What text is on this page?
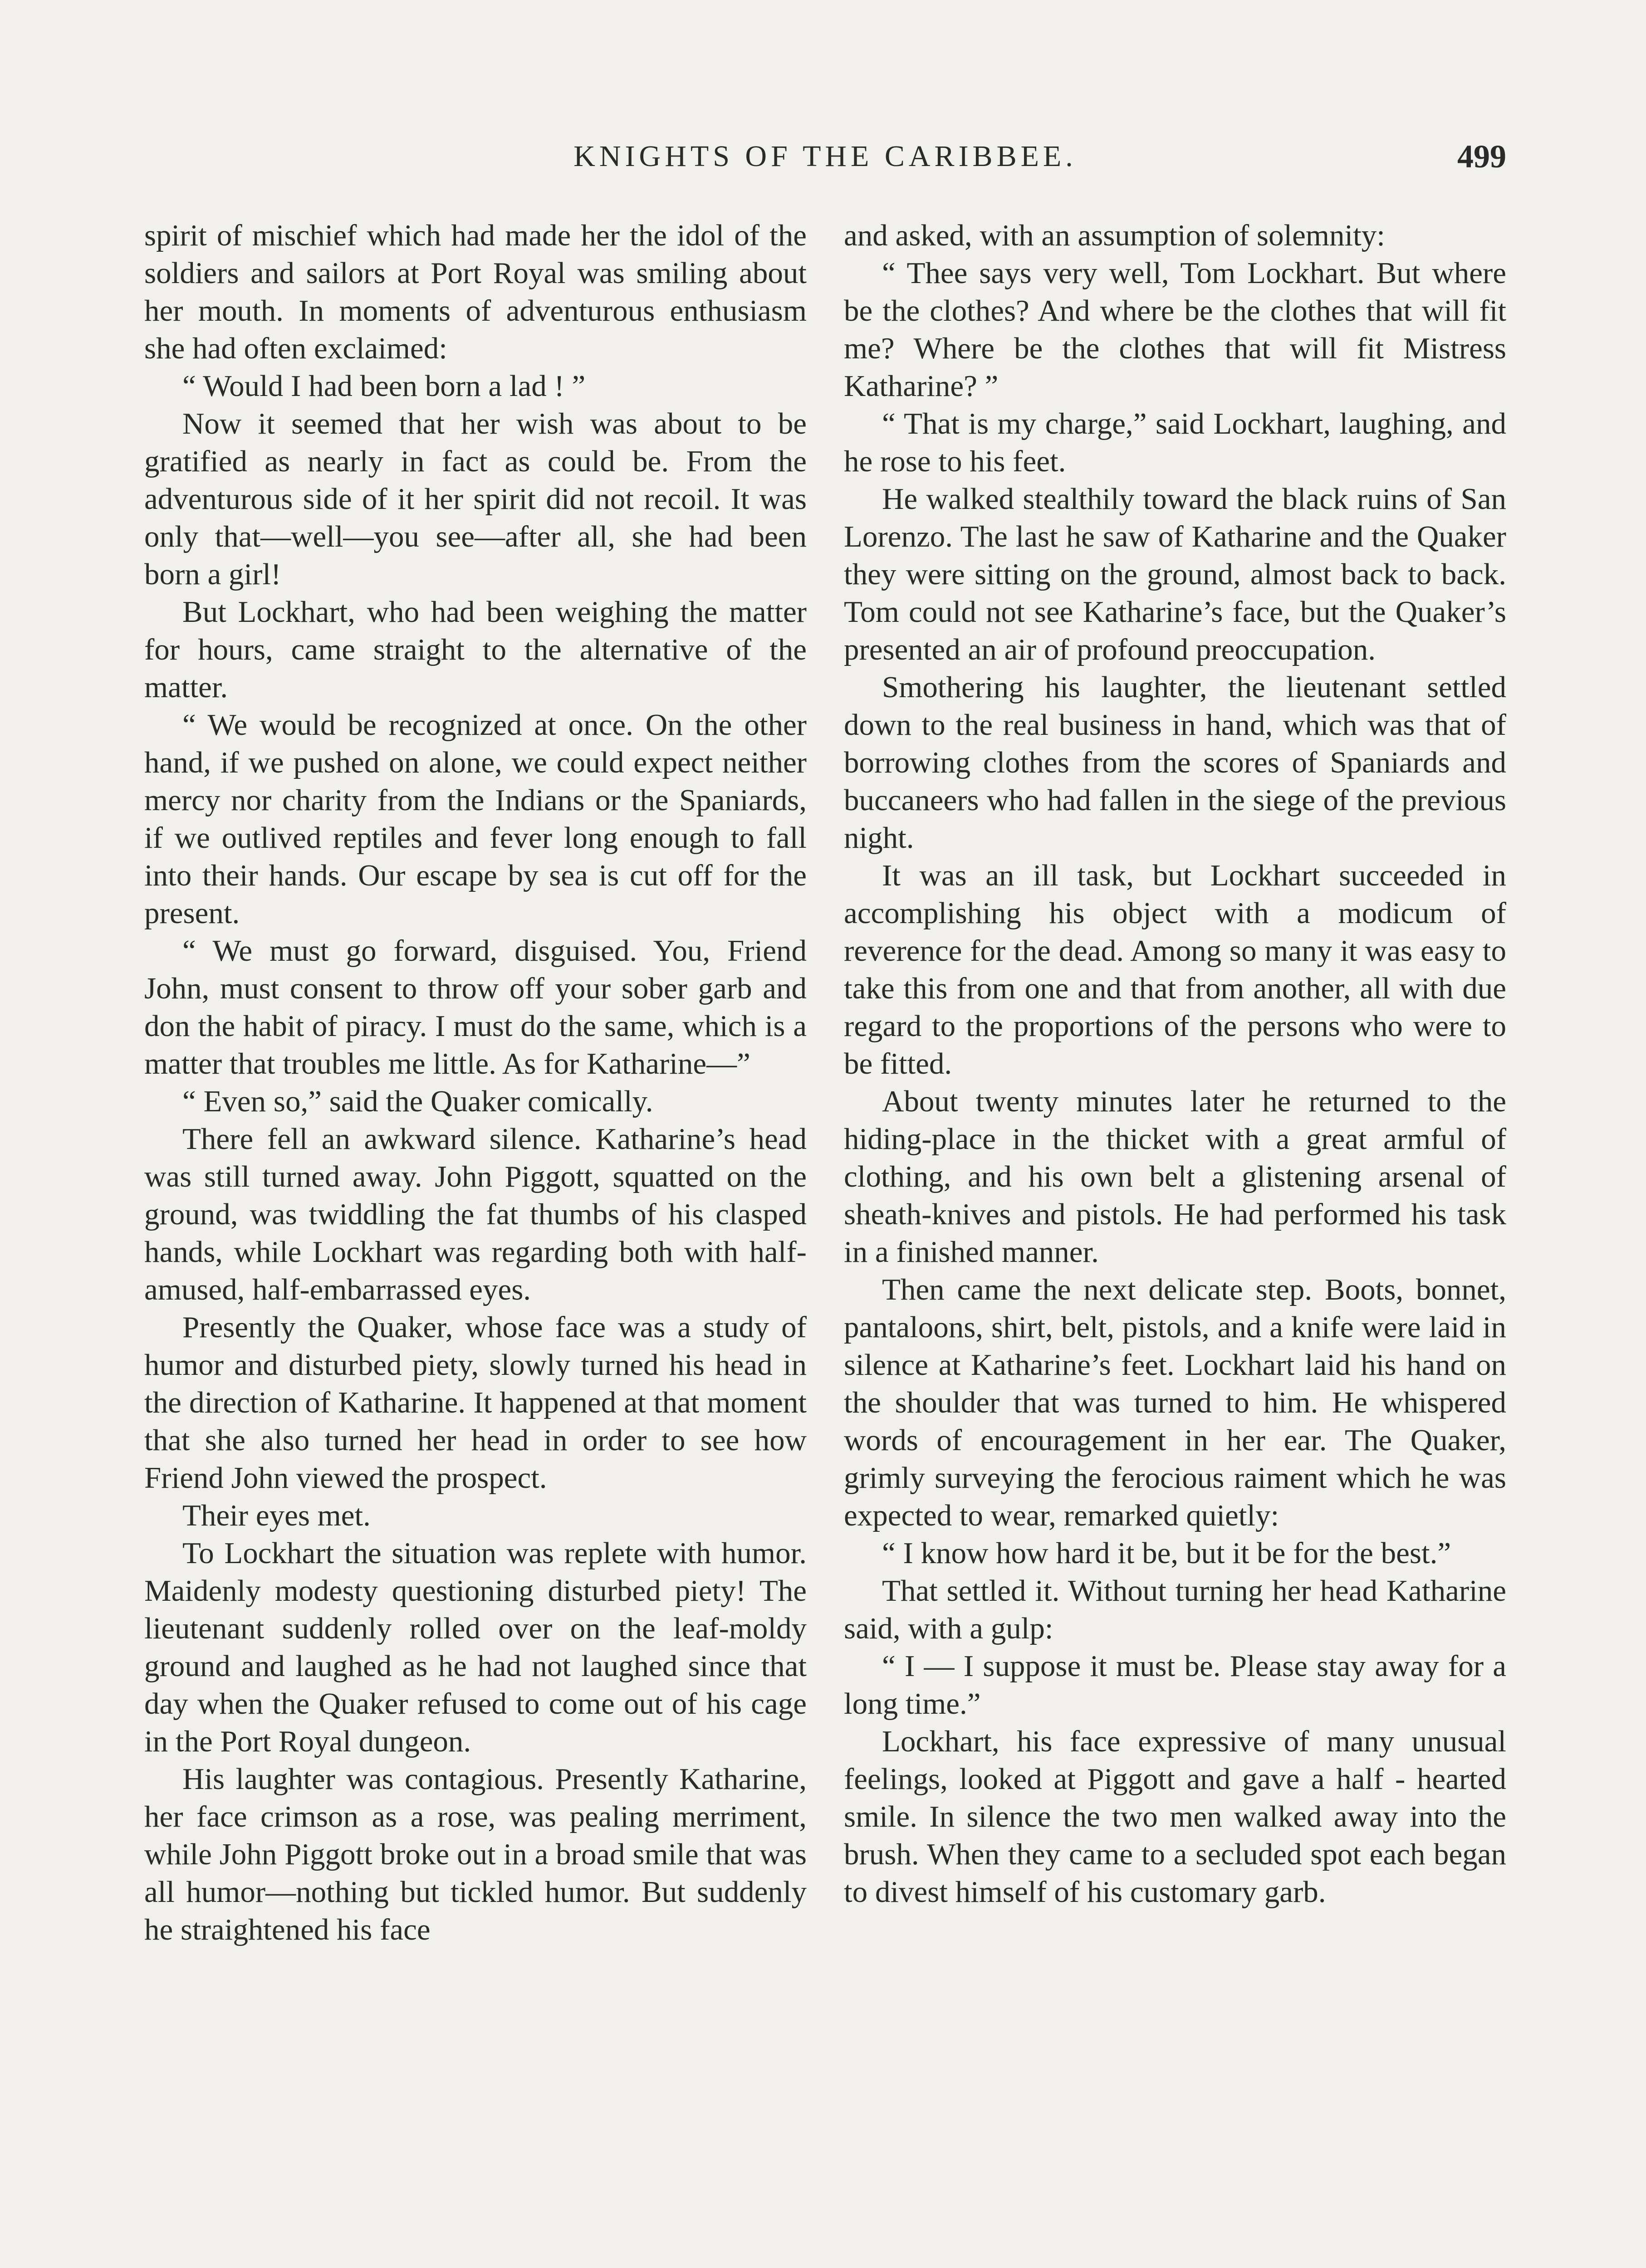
KNIGHTS OF THE CARIBBEE.	499

spirit of mischief which had made her the idol of the soldiers and sailors at Port Royal was smiling about her mouth. In moments of adventurous enthusiasm she had often exclaimed:

“ Would I had been born a lad ! ”

Now it seemed that her wish was about to be gratified as nearly in fact as could be. From the adventurous side of it her spirit did not recoil. It was only that—well—you see—after all, she had been born a girl!

But Lockhart, who had been weighing the matter for hours, came straight to the alternative of the matter.

“ We would be recognized at once. On the other hand, if we pushed on alone, we could expect neither mercy nor charity from the Indians or the Spaniards, if we outlived reptiles and fever long enough to fall into their hands. Our escape by sea is cut off for the present.

“ We must go forward, disguised. You, Friend John, must consent to throw off your sober garb and don the habit of piracy. I must do the same, which is a matter that troubles me little. As for Katharine—”

“ Even so,” said the Quaker comically.

There fell an awkward silence. Katharine’s head was still turned away. John Piggott, squatted on the ground, was twiddling the fat thumbs of his clasped hands, while Lockhart was regarding both with half-amused, half-embarrassed eyes.

Presently the Quaker, whose face was a study of humor and disturbed piety, slowly turned his head in the direction of Katharine. It happened at that moment that she also turned her head in order to see how Friend John viewed the prospect.

Their eyes met.

To Lockhart the situation was replete with humor. Maidenly modesty questioning disturbed piety! The lieutenant suddenly rolled over on the leaf-moldy ground and laughed as he had not laughed since that day when the Quaker refused to come out of his cage in the Port Royal dungeon.

His laughter was contagious. Presently Katharine, her face crimson as a rose, was pealing merriment, while John Piggott broke out in a broad smile that was all humor—nothing but tickled humor. But suddenly he straightened his face

and asked, with an assumption of solemnity:

“ Thee says very well, Tom Lockhart. But where be the clothes? And where be the clothes that will fit me? Where be the clothes that will fit Mistress Katharine? ”

“ That is my charge,” said Lockhart, laughing, and he rose to his feet.

He walked stealthily toward the black ruins of San Lorenzo. The last he saw of Katharine and the Quaker they were sitting on the ground, almost back to back. Tom could not see Katharine’s face, but the Quaker’s presented an air of profound preoccupation.

Smothering his laughter, the lieutenant settled down to the real business in hand, which was that of borrowing clothes from the scores of Spaniards and buccaneers who had fallen in the siege of the previous night.

It was an ill task, but Lockhart succeeded in accomplishing his object with a modicum of reverence for the dead. Among so many it was easy to take this from one and that from another, all with due regard to the proportions of the persons who were to be fitted.

About twenty minutes later he returned to the hiding-place in the thicket with a great armful of clothing, and his own belt a glistening arsenal of sheath-knives and pistols. He had performed his task in a finished manner.

Then came the next delicate step. Boots, bonnet, pantaloons, shirt, belt, pistols, and a knife were laid in silence at Katharine’s feet. Lockhart laid his hand on the shoulder that was turned to him. He whispered words of encouragement in her ear. The Quaker, grimly surveying the ferocious raiment which he was expected to wear, remarked quietly:

“ I know how hard it be, but it be for the best.”

That settled it. Without turning her head Katharine said, with a gulp:

“ I — I suppose it must be. Please stay away for a long time.”

Lockhart, his face expressive of many unusual feelings, looked at Piggott and gave a half - hearted smile. In silence the two men walked away into the brush. When they came to a secluded spot each began to divest himself of his customary garb.
